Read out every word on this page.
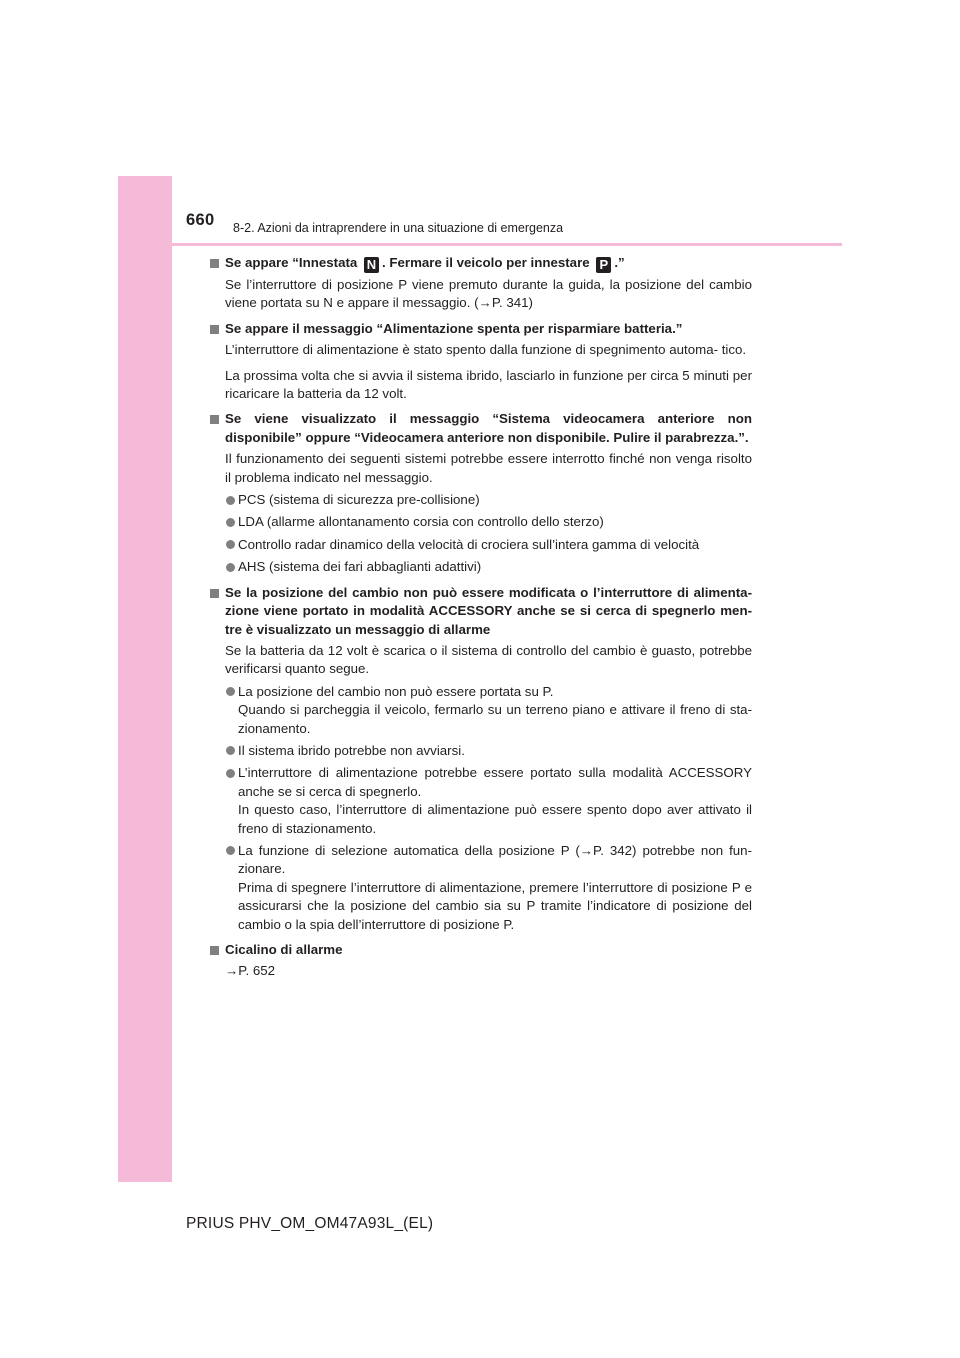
660 8-2. Azioni da intraprendere in una situazione di emergenza
Se appare “Innestata N . Fermare il veicolo per innestare P .”
Se l’interruttore di posizione P viene premuto durante la guida, la posizione del cambio viene portata su N e appare il messaggio. (→P. 341)
Se appare il messaggio “Alimentazione spenta per risparmiare batteria.”
L’interruttore di alimentazione è stato spento dalla funzione di spegnimento automa- tico.
La prossima volta che si avvia il sistema ibrido, lasciarlo in funzione per circa 5 minuti per ricaricare la batteria da 12 volt.
Se viene visualizzato il messaggio “Sistema videocamera anteriore non disponibile” oppure “Videocamera anteriore non disponibile. Pulire il parabrezza.”.
Il funzionamento dei seguenti sistemi potrebbe essere interrotto finché non venga risolto il problema indicato nel messaggio.
PCS (sistema di sicurezza pre-collisione)
LDA (allarme allontanamento corsia con controllo dello sterzo)
Controllo radar dinamico della velocità di crociera sull’intera gamma di velocità
AHS (sistema dei fari abbaglianti adattivi)
Se la posizione del cambio non può essere modificata o l’interruttore di alimenta- zione viene portato in modalità ACCESSORY anche se si cerca di spegnerlo men- tre è visualizzato un messaggio di allarme
Se la batteria da 12 volt è scarica o il sistema di controllo del cambio è guasto, potrebbe verificarsi quanto segue.
La posizione del cambio non può essere portata su P.
Quando si parcheggia il veicolo, fermarlo su un terreno piano e attivare il freno di sta- zionamento.
Il sistema ibrido potrebbe non avviarsi.
L’interruttore di alimentazione potrebbe essere portato sulla modalità ACCESSORY anche se si cerca di spegnerlo.
In questo caso, l’interruttore di alimentazione può essere spento dopo aver attivato il freno di stazionamento.
La funzione di selezione automatica della posizione P (→P. 342) potrebbe non fun- zionare.
Prima di spegnere l’interruttore di alimentazione, premere l’interruttore di posizione P e assicurarsi che la posizione del cambio sia su P tramite l’indicatore di posizione del cambio o la spia dell’interruttore di posizione P.
Cicalino di allarme
→P. 652
PRIUS PHV_OM_OM47A93L_(EL)
